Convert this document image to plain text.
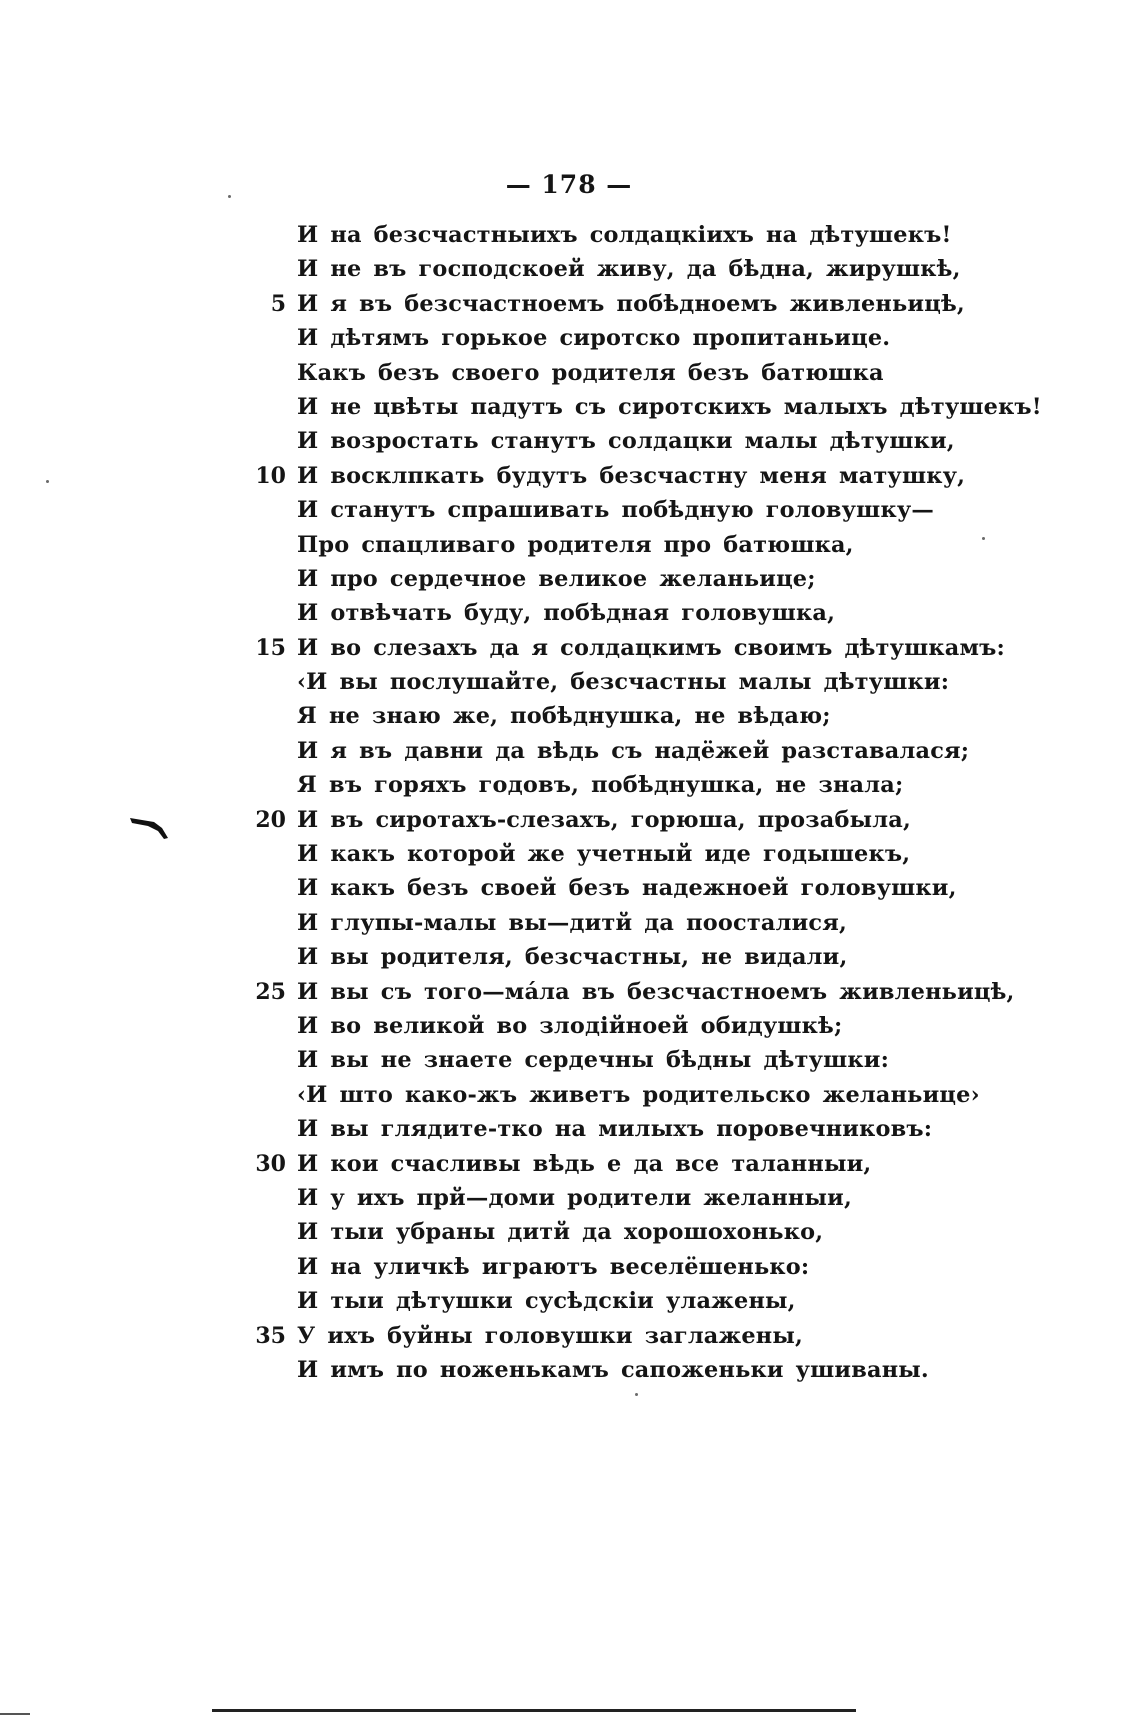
— 178 —
И на безсчастныихъ солдацкiихъ на дѣтушекъ!
И не въ господскоей живу, да бѣдна, жирушкѣ,
5 И я въ безсчастноемъ побѣдноемъ живленьицѣ,
И дѣтямъ горькое сиротско пропитаньице.
Какъ безъ своего родителя безъ батюшка
И не цвѣты падутъ съ сиротскихъ малыхъ дѣтушекъ!
И возростать станутъ солдацки малы дѣтушки,
10 И восклпкать будутъ безсчастну меня матушку,
И станутъ спрашивать побѣдную головушку—
Про спацливаго родителя про батюшка,
И про сердечное великое желаньице;
И отвѣчать буду, побѣдная головушка,
15 И во слезахъ да я солдацкимъ своимъ дѣтушкамъ:
‹И вы послушайте, безсчастны малы дѣтушки:
Я не знаю же, побѣднушка, не вѣдаю;
И я въ давни да вѣдь съ надёжей разставалася;
Я въ горяхъ годовъ, побѣднушка, не знала;
20 И въ сиротахъ-слезахъ, горюша, прозабыла,
И какъ которой же учетный иде годышекъ,
И какъ безъ своей безъ надежноей головушки,
И глупы-малы вы—дитй да поосталися,
И вы родителя, безсчастны, не видали,
25 И вы съ того—мáла въ безсчастноемъ живленьицѣ,
И во великой во злодiйноей обидушкѣ;
И вы не знаете сердечны бѣдны дѣтушки:
‹И што како-жъ живетъ родительско желаньице›
И вы глядите-тко на милыхъ поровечниковъ:
30 И кои счасливы вѣдь е да все таланныи,
И у ихъ прй—доми родители желанныи,
И тыи убраны дитй да хорошохонько,
И на уличкѣ играютъ веселёшенько:
И тыи дѣтушки сусѣдскiи улажены,
35 У ихъ буйны головушки заглажены,
И имъ по ноженькамъ сапоженьки ушиваны.
